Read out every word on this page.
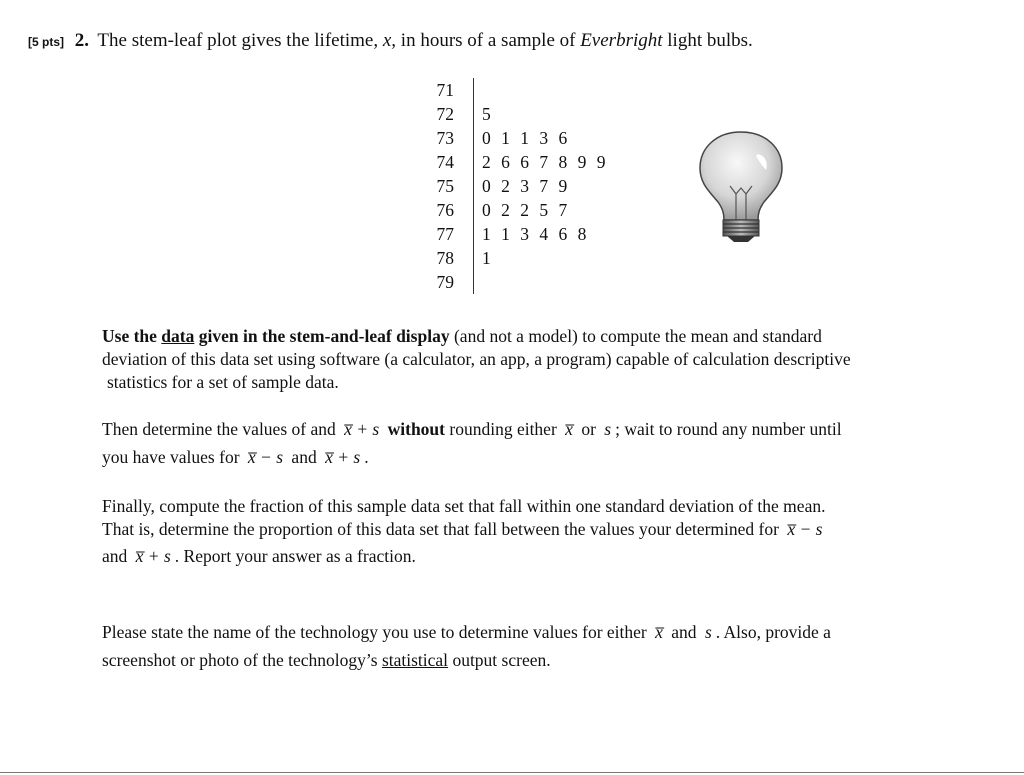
[5 pts] 2. The stem-leaf plot gives the lifetime, x, in hours of a sample of Everbright light bulbs.
71
72 5
73 0 1 1 3 6
74 2 6 6 7 8 9 9
75 0 2 3 7 9
76 0 2 2 5 7
77 1 1 3 4 6 8
78 1
79
Use the data given in the stem-and-leaf display (and not a model) to compute the mean and standard
deviation of this data set using software (a calculator, an app, a program) capable of calculation descriptive
statistics for a set of sample data.
Then determine the values of and x̅ + s without rounding either x̅ or s ; wait to round any number until
you have values for x̅ − s and x̅ + s .
Finally, compute the fraction of this sample data set that fall within one standard deviation of the mean.
That is, determine the proportion of this data set that fall between the values your determined for x̅ − s
and x̅ + s . Report your answer as a fraction.
Please state the name of the technology you use to determine values for either x̅ and s . Also, provide a
screenshot or photo of the technology’s statistical output screen.
